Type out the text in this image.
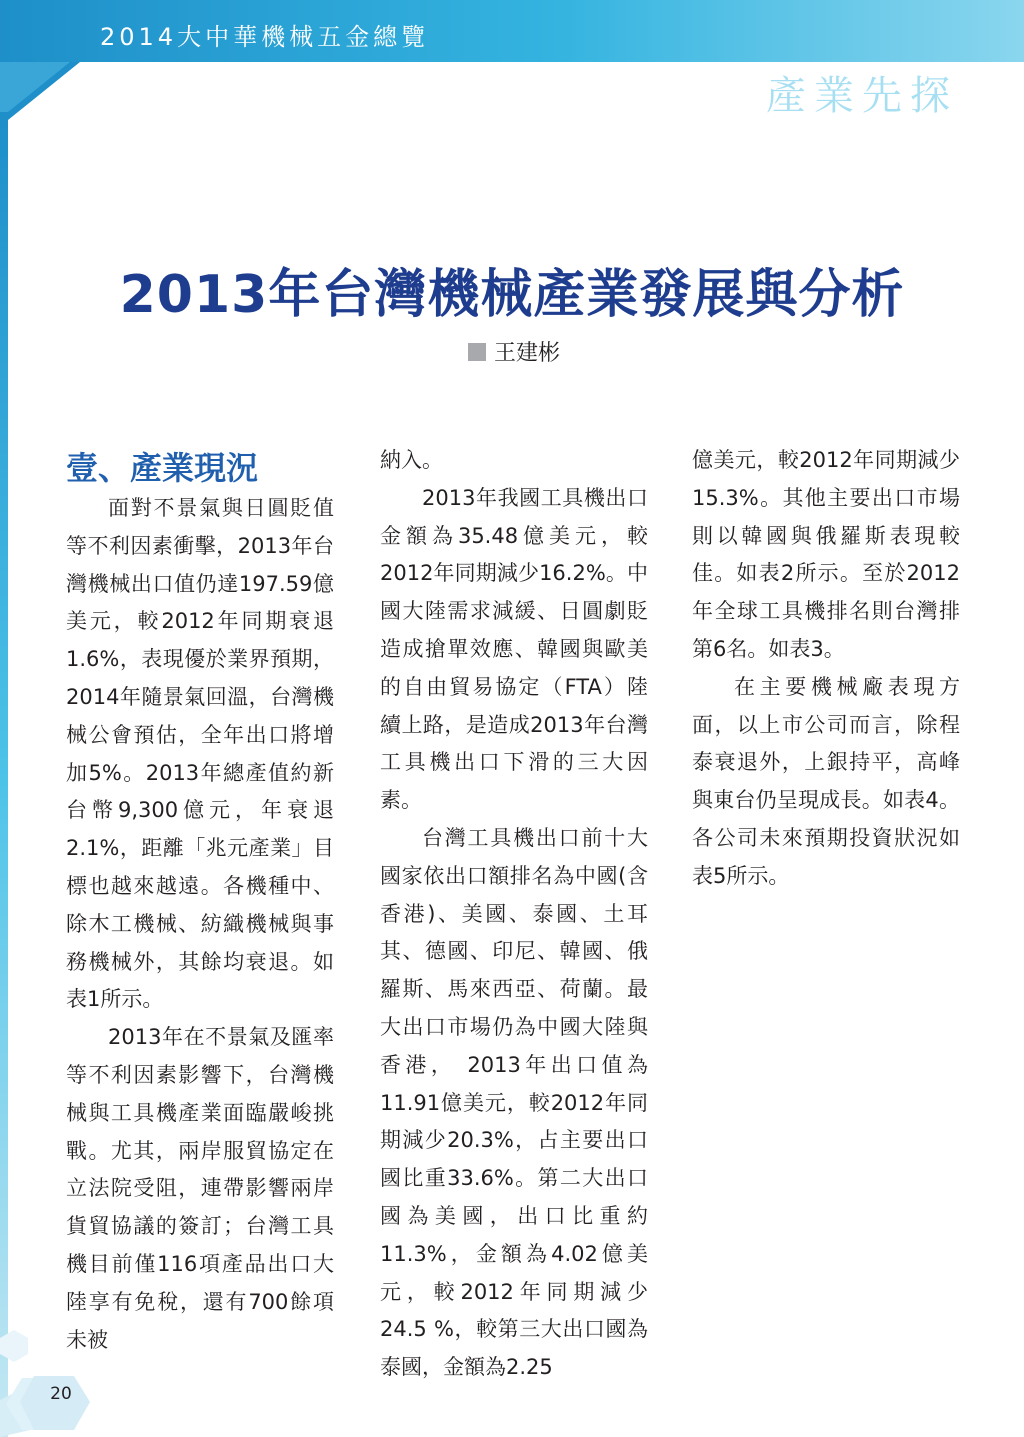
2014大中華機械五金總覽
產業先探
2013年台灣機械產業發展與分析
王建彬
壹、產業現況

面對不景氣與日圓貶值等不利因素衝擊，2013年台灣機械出口值仍達197.59億美元，較2012年同期衰退1.6%，表現優於業界預期，2014年隨景氣回溫，台灣機械公會預估，全年出口將增加5%。2013年總產值約新台幣9,300億元，年衰退2.1%，距離「兆元產業」目標也越來越遠。各機種中、除木工機械、紡織機械與事務機械外，其餘均衰退。如表1所示。

2013年在不景氣及匯率等不利因素影響下，台灣機械與工具機產業面臨嚴峻挑戰。尤其，兩岸服貿協定在立法院受阻，連帶影響兩岸貨貿協議的簽訂；台灣工具機目前僅116項產品出口大陸享有免稅，還有700餘項未被

納入。

2013年我國工具機出口金額為35.48億美元，較2012年同期減少16.2%。中國大陸需求減緩、日圓劇貶造成搶單效應、韓國與歐美的自由貿易協定（FTA）陸續上路，是造成2013年台灣工具機出口下滑的三大因素。

台灣工具機出口前十大國家依出口額排名為中國(含香港)、美國、泰國、土耳其、德國、印尼、韓國、俄羅斯、馬來西亞、荷蘭。最大出口市場仍為中國大陸與香港， 2013年出口值為11.91億美元，較2012年同期減少20.3%，占主要出口國比重33.6%。第二大出口國為美國，出口比重約11.3%，金額為4.02億美元，較2012年同期減少24.5 %，較第三大出口國為泰國，金額為2.25

億美元，較2012年同期減少15.3%。其他主要出口市場則以韓國與俄羅斯表現較佳。如表2所示。至於2012年全球工具機排名則台灣排第6名。如表3。

在主要機械廠表現方面，以上市公司而言，除程泰衰退外，上銀持平，高峰與東台仍呈現成長。如表4。各公司未來預期投資狀況如表5所示。

20
